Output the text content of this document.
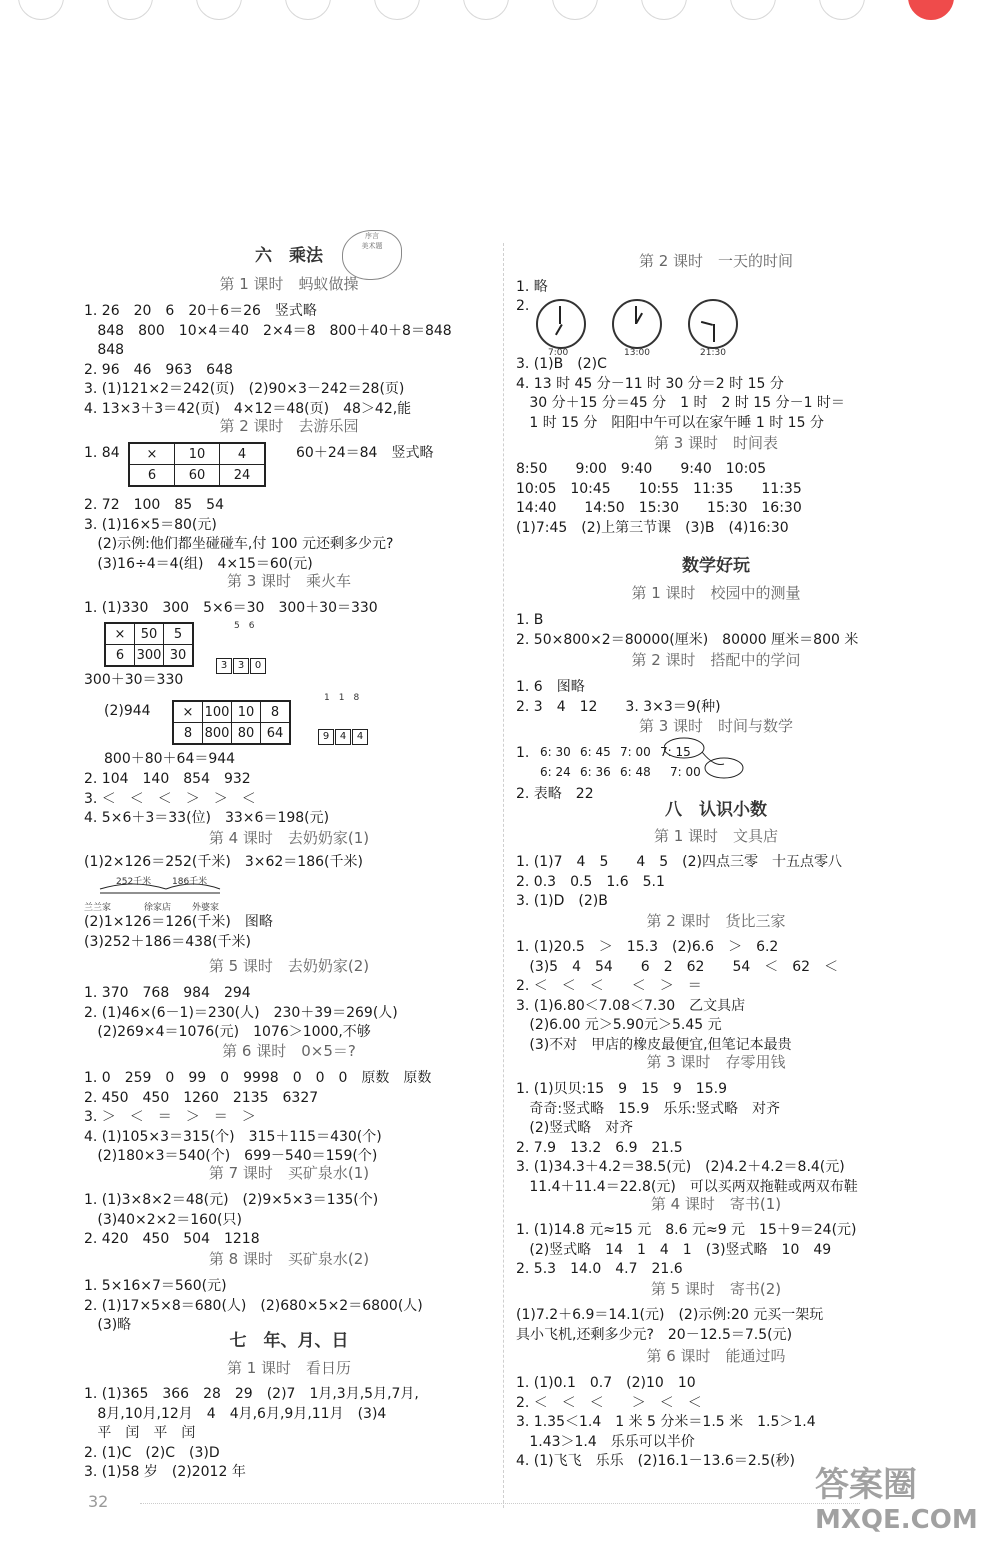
六　乘法
序言
美术题
第 1 课时　蚂蚁做操
1. 26　20　6　20＋6＝26　竖式略
848　800　10×4＝40　2×4＝8　800＋40＋8＝848
848
2. 96　46　963　648
3. (1)121×2＝242(页)　(2)90×3－242＝28(页)
4. 13×3＋3＝42(页)　4×12＝48(页)　48＞42,能
第 2 课时　去游乐园
1. 84 ×	10	4
6	60	24
60＋24＝84　竖式略
2. 72　100　85　54
3. (1)16×5＝80(元)
(2)示例:他们都坐碰碰车,付 100 元还剩多少元?
(3)16÷4＝4(组)　4×15＝60(元)
第 3 课时　乘火车
1. (1)330　300　5×6＝30　300＋30＝330
×	50	5
6	300	30
5　6
3 3 0
300＋30＝330
(2)944 ×	100	10	8
8	800	80	64
1　1　8
9 4 4
800＋80＋64＝944
2. 104　140　854　932
3. ＜　＜　＜　＞　＞　＜
4. 5×6＋3＝33(位)　33×6＝198(元)
第 4 课时　去奶奶家(1)
(1)2×126＝252(千米)　3×62＝186(千米)
252千米 186千米
兰兰家	徐家店 外婆家
(2)1×126＝126(千米)　图略
(3)252＋186＝438(千米)
第 5 课时　去奶奶家(2)
1. 370　768　984　294
2. (1)46×(6－1)＝230(人)　230＋39＝269(人)
(2)269×4＝1076(元)　1076＞1000,不够
第 6 课时　0×5＝?
1. 0　259　0　99　0　9998　0　0　0　原数　原数
2. 450　450　1260　2135　6327
3. ＞　＜　＝　＞　＝　＞
4. (1)105×3＝315(个)　315＋115＝430(个)
(2)180×3＝540(个)　699－540＝159(个)
第 7 课时　买矿泉水(1)
1. (1)3×8×2＝48(元)　(2)9×5×3＝135(个)
(3)40×2×2＝160(只)
2. 420　450　504　1218
第 8 课时　买矿泉水(2)
1. 5×16×7＝560(元)
2. (1)17×5×8＝680(人)　(2)680×5×2＝6800(人)
(3)略
七　年、月、日
第 1 课时　看日历
1. (1)365　366　28　29　(2)7　1月,3月,5月,7月,
8月,10月,12月　4　4月,6月,9月,11月　(3)4
平　闰　平　闰
2. (1)C　(2)C　(3)D
3. (1)58 岁　(2)2012 年
第 2 课时　一天的时间
1. 略
2.
7:00	13:00	21:30
3. (1)B　(2)C
4. 13 时 45 分－11 时 30 分＝2 时 15 分
30 分＋15 分＝45 分　1 时　2 时 15 分－1 时＝
1 时 15 分　阳阳中午可以在家午睡 1 时 15 分
第 3 课时　时间表
8:50　　9:00　9:40　　9:40　10:05
10:05　10:45　　10:55　11:35　　11:35
14:40　　14:50　15:30　　15:30　16:30
(1)7:45　(2)上第三节课　(3)B　(4)16:30
数学好玩
第 1 课时　校园中的测量
1. B
2. 50×800×2＝80000(厘米)　80000 厘米＝800 米
第 2 课时　搭配中的学问
1. 6　图略
2. 3　4　12　　3. 3×3＝9(种)
第 3 课时　时间与数学
1. 6: 30 6: 45 7: 00 7: 15
6: 24 6: 36 6: 48 7: 00
2. 表略　22
八　认识小数
第 1 课时　文具店
1. (1)7　4　5　　4　5　(2)四点三零　十五点零八
2. 0.3　0.5　1.6　5.1
3. (1)D　(2)B
第 2 课时　货比三家
1. (1)20.5　＞　15.3　(2)6.6　＞　6.2
(3)5　4　54　　6　2　62　　54　＜　62　＜
2. ＜　＜　＜　　＜　＞　＝
3. (1)6.80＜7.08＜7.30　乙文具店
(2)6.00 元＞5.90元＞5.45 元
(3)不对　甲店的橡皮最便宜,但笔记本最贵
第 3 课时　存零用钱
1. (1)贝贝:15　9　15　9　15.9
奇奇:竖式略　15.9　乐乐:竖式略　对齐
(2)竖式略　对齐
2. 7.9　13.2　6.9　21.5
3. (1)34.3＋4.2＝38.5(元)　(2)4.2＋4.2＝8.4(元)
11.4＋11.4＝22.8(元)　可以买两双拖鞋或两双布鞋
第 4 课时　寄书(1)
1. (1)14.8 元≈15 元　8.6 元≈9 元　15＋9＝24(元)
(2)竖式略　14　1　4　1　(3)竖式略　10　49
2. 5.3　14.0　4.7　21.6
第 5 课时　寄书(2)
(1)7.2＋6.9＝14.1(元)　(2)示例:20 元买一架玩
具小飞机,还剩多少元?　20－12.5＝7.5(元)
第 6 课时　能通过吗
1. (1)0.1　0.7　(2)10　10
2. ＜　＜　＜　　＞　＜　＜
3. 1.35＜1.4　1 米 5 分米＝1.5 米　1.5＞1.4
1.43＞1.4　乐乐可以半价
4. (1)飞飞　乐乐　(2)16.1－13.6＝2.5(秒)
32	答案圈
MXQE.COM
